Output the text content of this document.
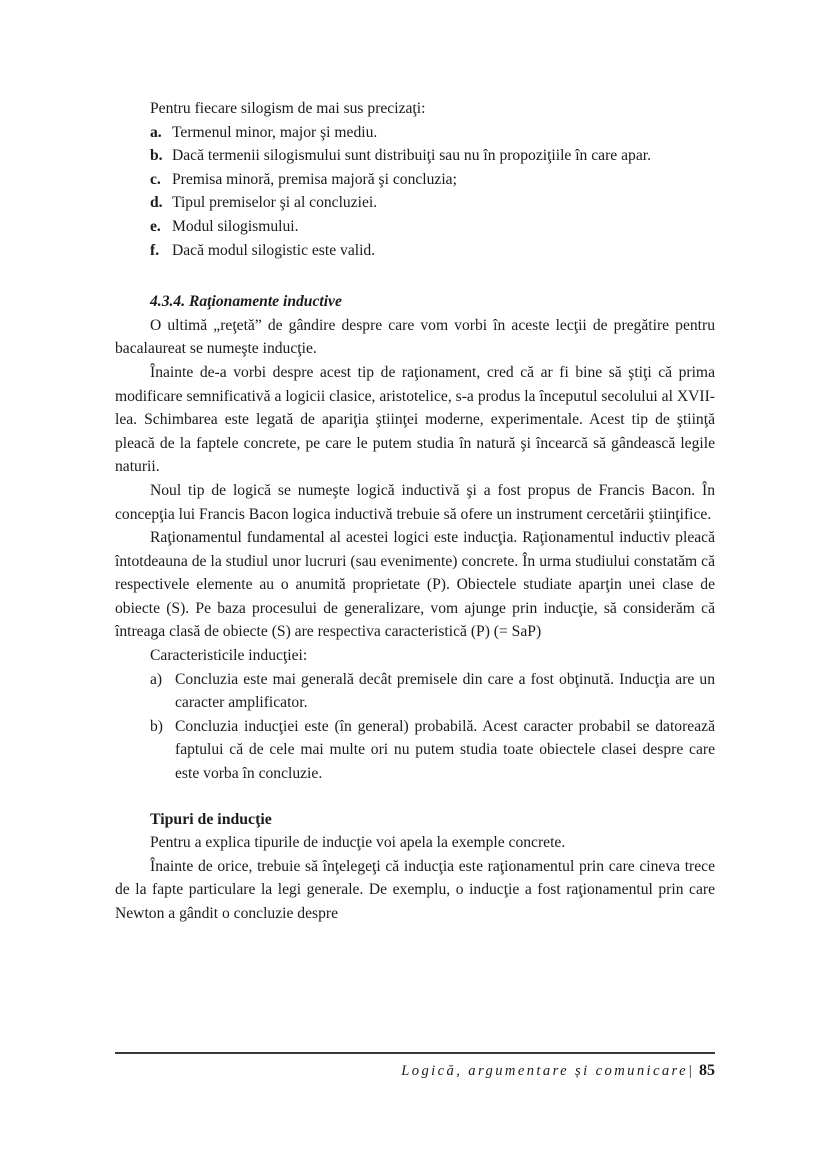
Pentru fiecare silogism de mai sus precizaţi:

a. Termenul minor, major şi mediu.
b. Dacă termenii silogismului sunt distribuiţi sau nu în propoziţiile în care apar.
c. Premisa minoră, premisa majoră şi concluzia;
d. Tipul premiselor şi al concluziei.
e. Modul silogismului.
f. Dacă modul silogistic este valid.

4.3.4. Raţionamente inductive

O ultimă „reţetă” de gândire despre care vom vorbi în aceste lecţii de pregătire pentru bacalaureat se numeşte inducţie.

Înainte de-a vorbi despre acest tip de raţionament, cred că ar fi bine să ştiţi că prima modificare semnificativă a logicii clasice, aristotelice, s-a produs la începutul secolului al XVII-lea. Schimbarea este legată de apariţia ştiinţei moderne, experimentale. Acest tip de ştiinţă pleacă de la faptele concrete, pe care le putem studia în natură şi încearcă să gândească legile naturii.

Noul tip de logică se numeşte logică inductivă şi a fost propus de Francis Bacon. În concepţia lui Francis Bacon logica inductivă trebuie să ofere un instrument cercetării ştiinţifice.

Raţionamentul fundamental al acestei logici este inducţia. Raţionamentul inductiv pleacă întotdeauna de la studiul unor lucruri (sau evenimente) concrete. În urma studiului constatăm că respectivele elemente au o anumită proprietate (P). Obiectele studiate aparţin unei clase de obiecte (S). Pe baza procesului de generalizare, vom ajunge prin inducţie, să considerăm că întreaga clasă de obiecte (S) are respectiva caracteristică (P) (= SaP)

Caracteristicile inducţiei:

a) Concluzia este mai generală decât premisele din care a fost obţinută. Inducţia are un caracter amplificator.
b) Concluzia inducţiei este (în general) probabilă. Acest caracter probabil se datorează faptului că de cele mai multe ori nu putem studia toate obiectele clasei despre care este vorba în concluzie.

Tipuri de inducţie

Pentru a explica tipurile de inducţie voi apela la exemple concrete.

Înainte de orice, trebuie să înţelegeţi că inducţia este raţionamentul prin care cineva trece de la fapte particulare la legi generale. De exemplu, o inducţie a fost raţionamentul prin care Newton a gândit o concluzie despre

Logică, argumentare și comunicare| 85
